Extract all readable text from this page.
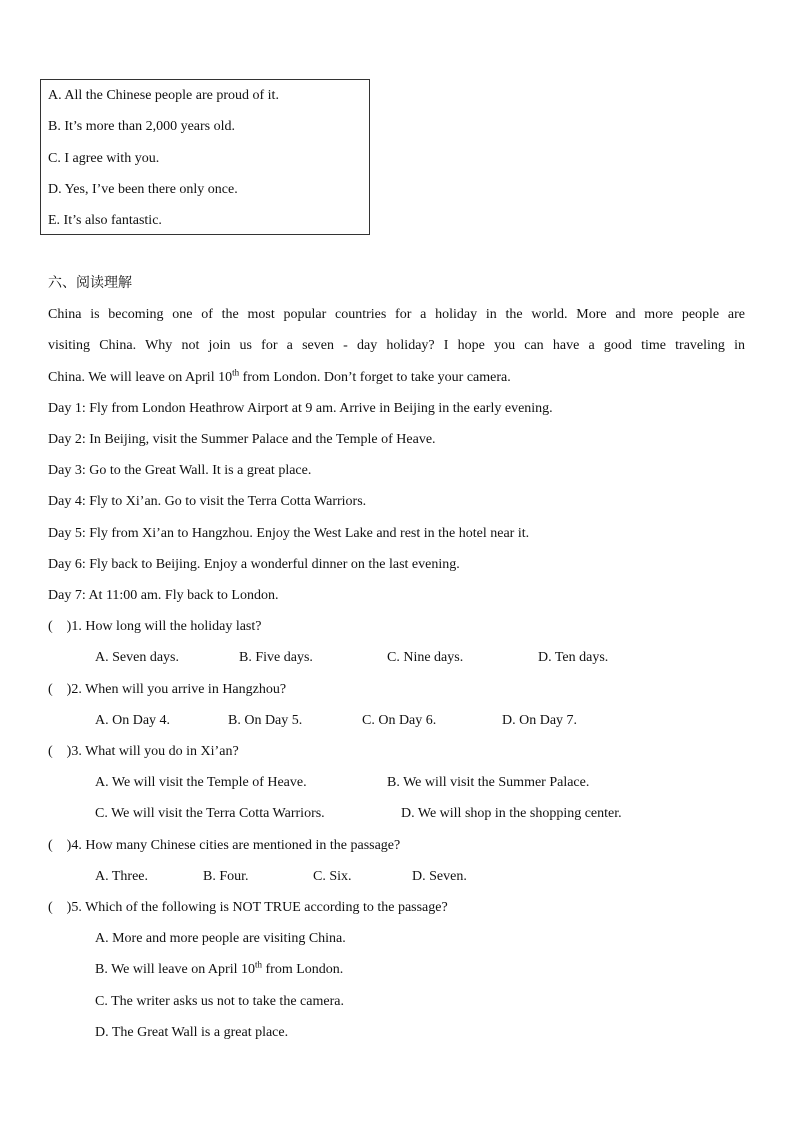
A. All the Chinese people are proud of it.
B. It’s more than 2,000 years old.
C. I agree with you.
D. Yes, I’ve been there only once.
E. It’s also fantastic.
六、阅读理解
China is becoming one of the most popular countries for a holiday in the world. More and more people are
visiting China. Why not join us for a seven - day holiday? I hope you can have a good time traveling in
China. We will leave on April 10th from London. Don’t forget to take your camera.
Day 1: Fly from London Heathrow Airport at 9 am. Arrive in Beijing in the early evening.
Day 2: In Beijing, visit the Summer Palace and the Temple of Heave.
Day 3: Go to the Great Wall. It is a great place.
Day 4: Fly to Xi’an. Go to visit the Terra Cotta Warriors.
Day 5: Fly from Xi’an to Hangzhou. Enjoy the West Lake and rest in the hotel near it.
Day 6: Fly back to Beijing. Enjoy a wonderful dinner on the last evening.
Day 7: At 11:00 am. Fly back to London.
(    )1. How long will the holiday last?
A. Seven days.	B. Five days.	C. Nine days.	D. Ten days.
(    )2. When will you arrive in Hangzhou?
A. On Day 4.	B. On Day 5.	C. On Day 6.	D. On Day 7.
(    )3. What will you do in Xi’an?
A. We will visit the Temple of Heave.	B. We will visit the Summer Palace.
C. We will visit the Terra Cotta Warriors.	D. We will shop in the shopping center.
(    )4. How many Chinese cities are mentioned in the passage?
A. Three.	B. Four.	C. Six.	D. Seven.
(    )5. Which of the following is NOT TRUE according to the passage?
A. More and more people are visiting China.
B. We will leave on April 10th from London.
C. The writer asks us not to take the camera.
D. The Great Wall is a great place.
